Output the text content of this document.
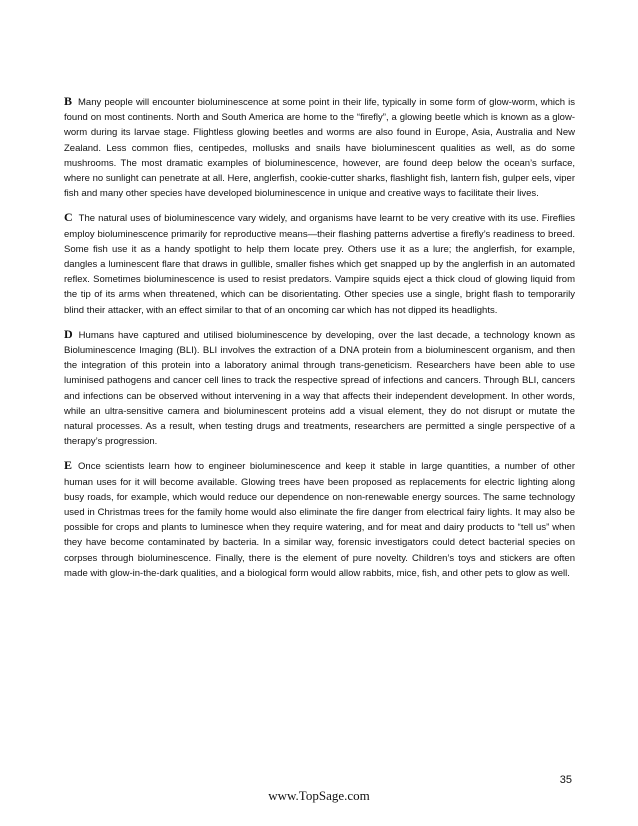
B Many people will encounter bioluminescence at some point in their life, typically in some form of glow-worm, which is found on most continents. North and South America are home to the “firefly”, a glowing beetle which is known as a glow-worm during its larvae stage. Flightless glowing beetles and worms are also found in Europe, Asia, Australia and New Zealand. Less common flies, centipedes, mollusks and snails have bioluminescent qualities as well, as do some mushrooms. The most dramatic examples of bioluminescence, however, are found deep below the ocean’s surface, where no sunlight can penetrate at all. Here, anglerfish, cookie-cutter sharks, flashlight fish, lantern fish, gulper eels, viper fish and many other species have developed bioluminescence in unique and creative ways to facilitate their lives.

C The natural uses of bioluminescence vary widely, and organisms have learnt to be very creative with its use. Fireflies employ bioluminescence primarily for reproductive means—their flashing patterns advertise a firefly’s readiness to breed. Some fish use it as a handy spotlight to help them locate prey. Others use it as a lure; the anglerfish, for example, dangles a luminescent flare that draws in gullible, smaller fishes which get snapped up by the anglerfish in an automated reflex. Sometimes bioluminescence is used to resist predators. Vampire squids eject a thick cloud of glowing liquid from the tip of its arms when threatened, which can be disorientating. Other species use a single, bright flash to temporarily blind their attacker, with an effect similar to that of an oncoming car which has not dipped its headlights.

D Humans have captured and utilised bioluminescence by developing, over the last decade, a technology known as Bioluminescence Imaging (BLI). BLI involves the extraction of a DNA protein from a bioluminescent organism, and then the integration of this protein into a laboratory animal through trans-geneticism. Researchers have been able to use luminised pathogens and cancer cell lines to track the respective spread of infections and cancers. Through BLI, cancers and infections can be observed without intervening in a way that affects their independent development. In other words, while an ultra-sensitive camera and bioluminescent proteins add a visual element, they do not disrupt or mutate the natural processes. As a result, when testing drugs and treatments, researchers are permitted a single perspective of a therapy’s progression.

E Once scientists learn how to engineer bioluminescence and keep it stable in large quantities, a number of other human uses for it will become available. Glowing trees have been proposed as replacements for electric lighting along busy roads, for example, which would reduce our dependence on non-renewable energy sources. The same technology used in Christmas trees for the family home would also eliminate the fire danger from electrical fairy lights. It may also be possible for crops and plants to luminesce when they require watering, and for meat and dairy products to “tell us” when they have become contaminated by bacteria. In a similar way, forensic investigators could detect bacterial species on corpses through bioluminescence. Finally, there is the element of pure novelty. Children’s toys and stickers are often made with glow-in-the-dark qualities, and a biological form would allow rabbits, mice, fish, and other pets to glow as well.

35
www.TopSage.com
